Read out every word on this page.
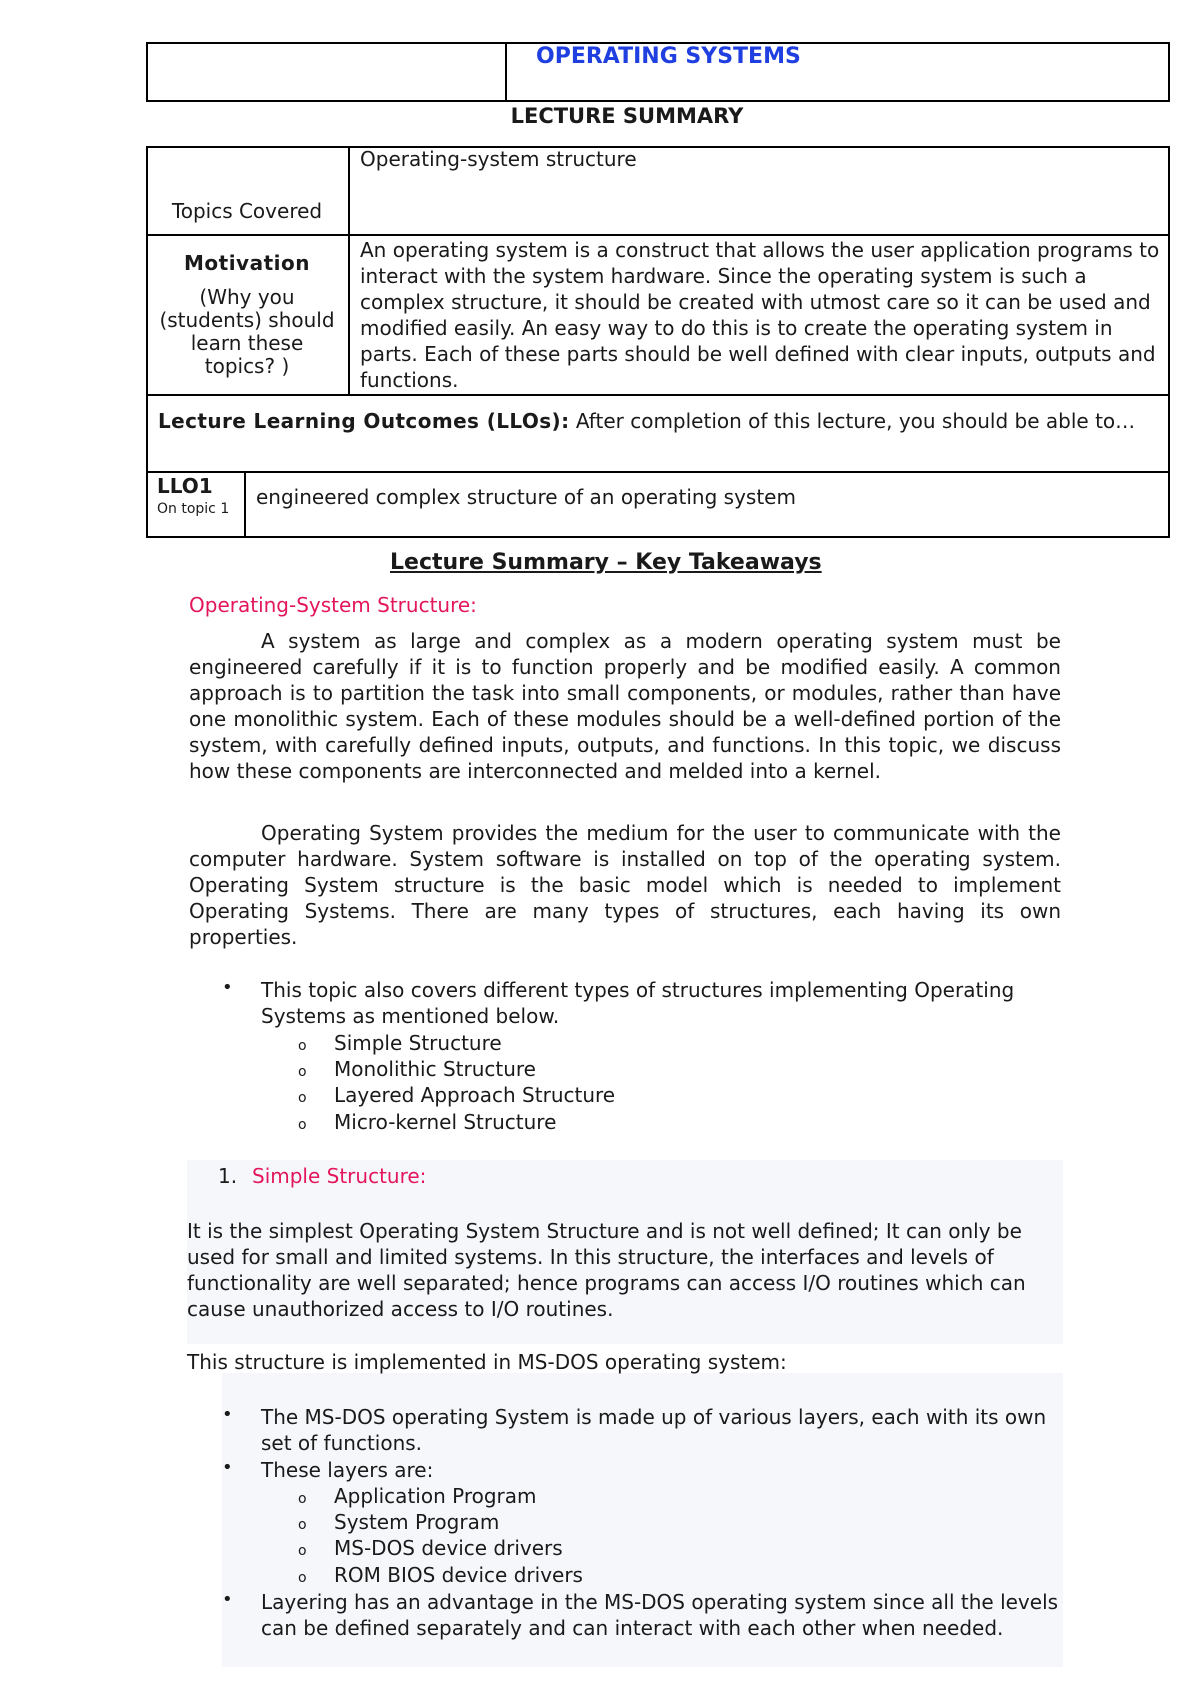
OPERATING SYSTEMS
LECTURE SUMMARY
Topics Covered
Operating-system structure
Motivation
(Why you (students) should learn these topics? )
An operating system is a construct that allows the user application programs to interact with the system hardware. Since the operating system is such a complex structure, it should be created with utmost care so it can be used and modified easily. An easy way to do this is to create the operating system in parts. Each of these parts should be well defined with clear inputs, outputs and functions.
Lecture Learning Outcomes (LLOs): After completion of this lecture, you should be able to…
LLO1
On topic 1	engineered complex structure of an operating system
Lecture Summary – Key Takeaways
Operating-System Structure:
A system as large and complex as a modern operating system must be engineered carefully if it is to function properly and be modified easily. A common approach is to partition the task into small components, or modules, rather than have one monolithic system. Each of these modules should be a well-defined portion of the system, with carefully defined inputs, outputs, and functions. In this topic, we discuss how these components are interconnected and melded into a kernel.
Operating System provides the medium for the user to communicate with the computer hardware. System software is installed on top of the operating system. Operating System structure is the basic model which is needed to implement Operating Systems. There are many types of structures, each having its own properties.
• This topic also covers different types of structures implementing Operating Systems as mentioned below.
o Simple Structure
o Monolithic Structure
o Layered Approach Structure
o Micro-kernel Structure
1. Simple Structure:
It is the simplest Operating System Structure and is not well defined; It can only be used for small and limited systems. In this structure, the interfaces and levels of functionality are well separated; hence programs can access I/O routines which can cause unauthorized access to I/O routines.
This structure is implemented in MS-DOS operating system:
• The MS-DOS operating System is made up of various layers, each with its own set of functions.
• These layers are:
o Application Program
o System Program
o MS-DOS device drivers
o ROM BIOS device drivers
• Layering has an advantage in the MS-DOS operating system since all the levels can be defined separately and can interact with each other when needed.
